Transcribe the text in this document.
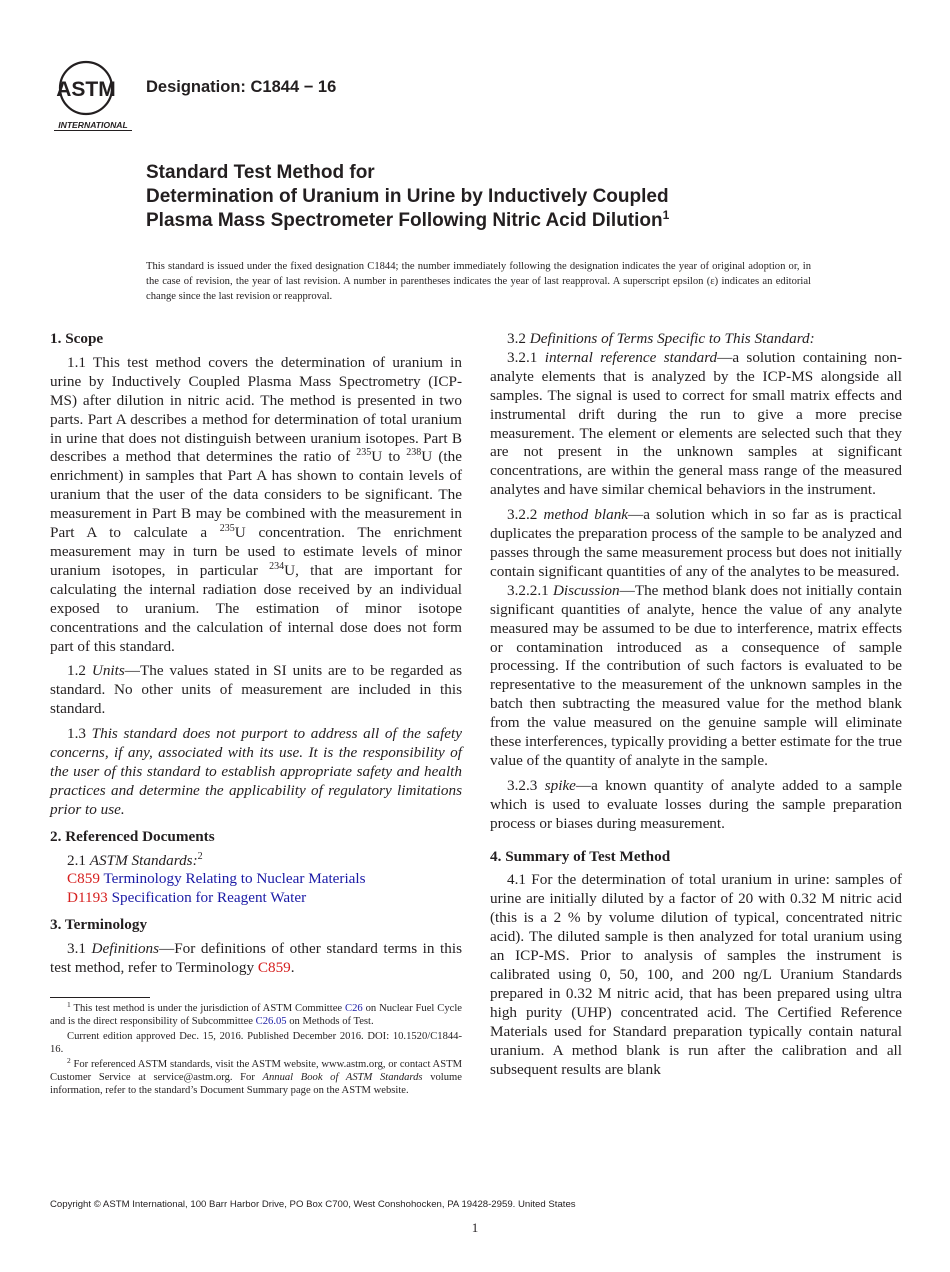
ASTM
INTERNATIONAL
Designation: C1844 − 16
Standard Test Method for
Determination of Uranium in Urine by Inductively Coupled
Plasma Mass Spectrometer Following Nitric Acid Dilution$^1$
This standard is issued under the fixed designation C1844; the number immediately following the designation indicates the year of original adoption or, in the case of revision, the year of last revision. A number in parentheses indicates the year of last reapproval. A superscript epsilon (ε) indicates an editorial change since the last revision or reapproval.
1. Scope
1.1 This test method covers the determination of uranium in urine by Inductively Coupled Plasma Mass Spectrometry (ICP-MS) after dilution in nitric acid. The method is presented in two parts. Part A describes a method for determination of total uranium in urine that does not distinguish between uranium isotopes. Part B describes a method that determines the ratio of $^{235}$U to $^{238}$U (the enrichment) in samples that Part A has shown to contain levels of uranium that the user of the data considers to be significant. The measurement in Part B may be combined with the measurement in Part A to calculate a $^{235}$U concentration. The enrichment measurement may in turn be used to estimate levels of minor uranium isotopes, in particular $^{234}$U, that are important for calculating the internal radiation dose received by an individual exposed to uranium. The estimation of minor isotope concentrations and the calculation of internal dose does not form part of this standard.
1.2 Units—The values stated in SI units are to be regarded as standard. No other units of measurement are included in this standard.
1.3 This standard does not purport to address all of the safety concerns, if any, associated with its use. It is the responsibility of the user of this standard to establish appropriate safety and health practices and determine the applicability of regulatory limitations prior to use.
2. Referenced Documents
2.1 ASTM Standards:$^2$
C859 Terminology Relating to Nuclear Materials
D1193 Specification for Reagent Water
3. Terminology
3.1 Definitions—For definitions of other standard terms in this test method, refer to Terminology C859.
$^1$ This test method is under the jurisdiction of ASTM Committee C26 on Nuclear Fuel Cycle and is the direct responsibility of Subcommittee C26.05 on Methods of Test.
Current edition approved Dec. 15, 2016. Published December 2016. DOI: 10.1520/C1844-16.
$^2$ For referenced ASTM standards, visit the ASTM website, www.astm.org, or contact ASTM Customer Service at service@astm.org. For Annual Book of ASTM Standards volume information, refer to the standard’s Document Summary page on the ASTM website.
3.2 Definitions of Terms Specific to This Standard:
3.2.1 internal reference standard—a solution containing non-analyte elements that is analyzed by the ICP-MS alongside all samples. The signal is used to correct for small matrix effects and instrumental drift during the run to give a more precise measurement. The element or elements are selected such that they are not present in the unknown samples at significant concentrations, are within the general mass range of the measured analytes and have similar chemical behaviors in the instrument.
3.2.2 method blank—a solution which in so far as is practical duplicates the preparation process of the sample to be analyzed and passes through the same measurement process but does not initially contain significant quantities of any of the analytes to be measured.
3.2.2.1 Discussion—The method blank does not initially contain significant quantities of analyte, hence the value of any analyte measured may be assumed to be due to interference, matrix effects or contamination introduced as a consequence of sample processing. If the contribution of such factors is evaluated to be representative to the measurement of the unknown samples in the batch then subtracting the measured value for the method blank from the value measured on the genuine sample will eliminate these interferences, typically providing a better estimate for the true value of the quantity of analyte in the sample.
3.2.3 spike—a known quantity of analyte added to a sample which is used to evaluate losses during the sample preparation process or biases during measurement.
4. Summary of Test Method
4.1 For the determination of total uranium in urine: samples of urine are initially diluted by a factor of 20 with 0.32 M nitric acid (this is a 2 % by volume dilution of typical, concentrated nitric acid). The diluted sample is then analyzed for total uranium using an ICP-MS. Prior to analysis of samples the instrument is calibrated using 0, 50, 100, and 200 ng/L Uranium Standards prepared in 0.32 M nitric acid, that has been prepared using ultra high purity (UHP) concentrated acid. The Certified Reference Materials used for Standard preparation typically contain natural uranium. A method blank is run after the calibration and all subsequent results are blank
Copyright © ASTM International, 100 Barr Harbor Drive, PO Box C700, West Conshohocken, PA 19428-2959. United States
1
